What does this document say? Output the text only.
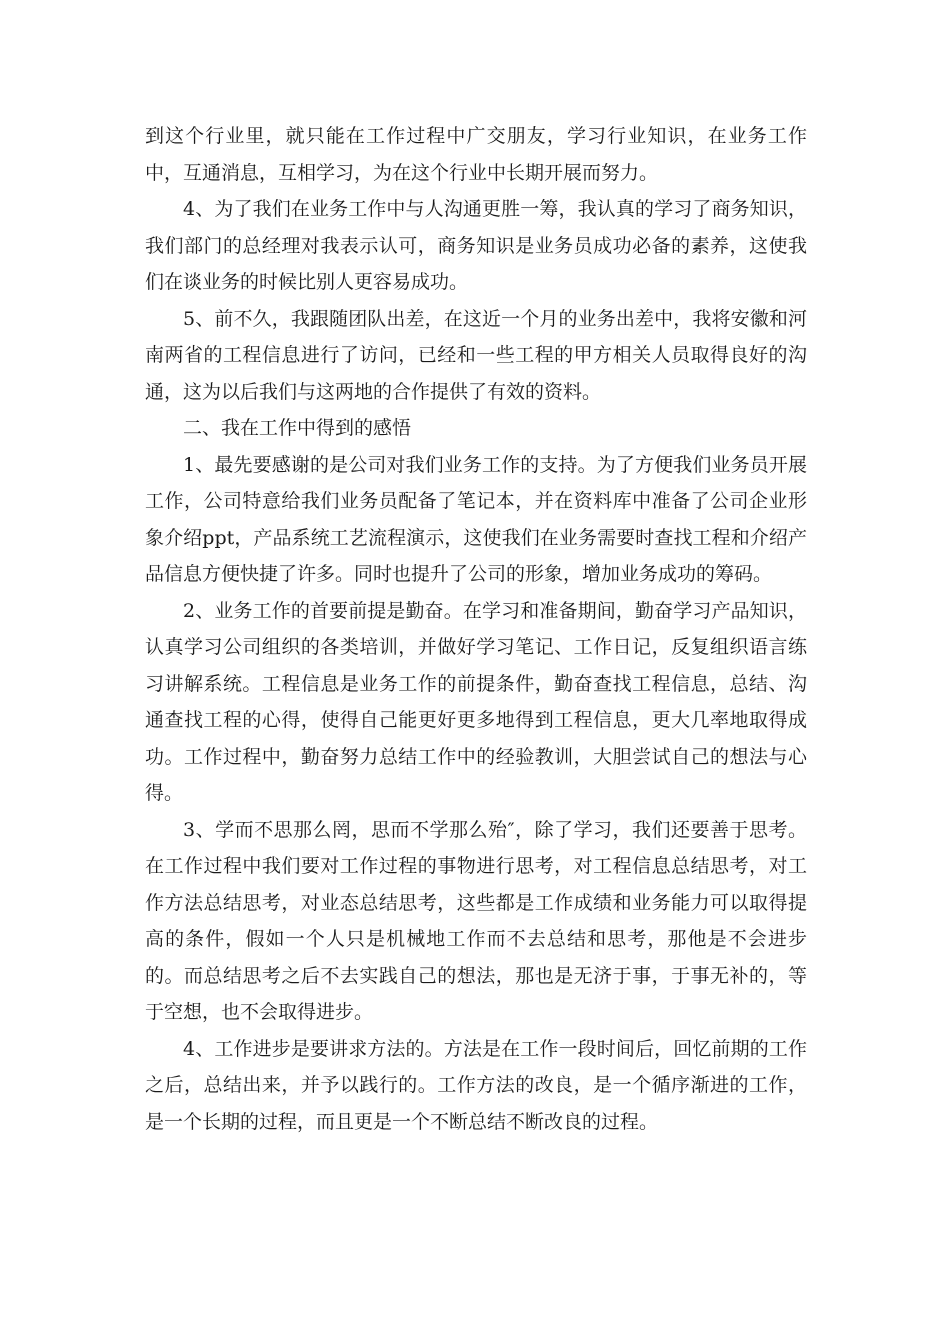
到这个行业里，就只能在工作过程中广交朋友，学习行业知识，在业务工作中，互通消息，互相学习，为在这个行业中长期开展而努力。

4、为了我们在业务工作中与人沟通更胜一筹，我认真的学习了商务知识，我们部门的总经理对我表示认可，商务知识是业务员成功必备的素养，这使我们在谈业务的时候比别人更容易成功。

5、前不久，我跟随团队出差，在这近一个月的业务出差中，我将安徽和河南两省的工程信息进行了访问，已经和一些工程的甲方相关人员取得良好的沟通，这为以后我们与这两地的合作提供了有效的资料。

二、我在工作中得到的感悟

1、最先要感谢的是公司对我们业务工作的支持。为了方便我们业务员开展工作，公司特意给我们业务员配备了笔记本，并在资料库中准备了公司企业形象介绍ppt，产品系统工艺流程演示，这使我们在业务需要时查找工程和介绍产品信息方便快捷了许多。同时也提升了公司的形象，增加业务成功的筹码。

2、业务工作的首要前提是勤奋。在学习和准备期间，勤奋学习产品知识，认真学习公司组织的各类培训，并做好学习笔记、工作日记，反复组织语言练习讲解系统。工程信息是业务工作的前提条件，勤奋查找工程信息，总结、沟通查找工程的心得，使得自己能更好更多地得到工程信息，更大几率地取得成功。工作过程中，勤奋努力总结工作中的经验教训，大胆尝试自己的想法与心得。

3、学而不思那么罔，思而不学那么殆″，除了学习，我们还要善于思考。在工作过程中我们要对工作过程的事物进行思考，对工程信息总结思考，对工作方法总结思考，对业态总结思考，这些都是工作成绩和业务能力可以取得提高的条件，假如一个人只是机械地工作而不去总结和思考，那他是不会进步的。而总结思考之后不去实践自己的想法，那也是无济于事，于事无补的，等于空想，也不会取得进步。

4、工作进步是要讲求方法的。方法是在工作一段时间后，回忆前期的工作之后，总结出来，并予以践行的。工作方法的改良，是一个循序渐进的工作，是一个长期的过程，而且更是一个不断总结不断改良的过程。
